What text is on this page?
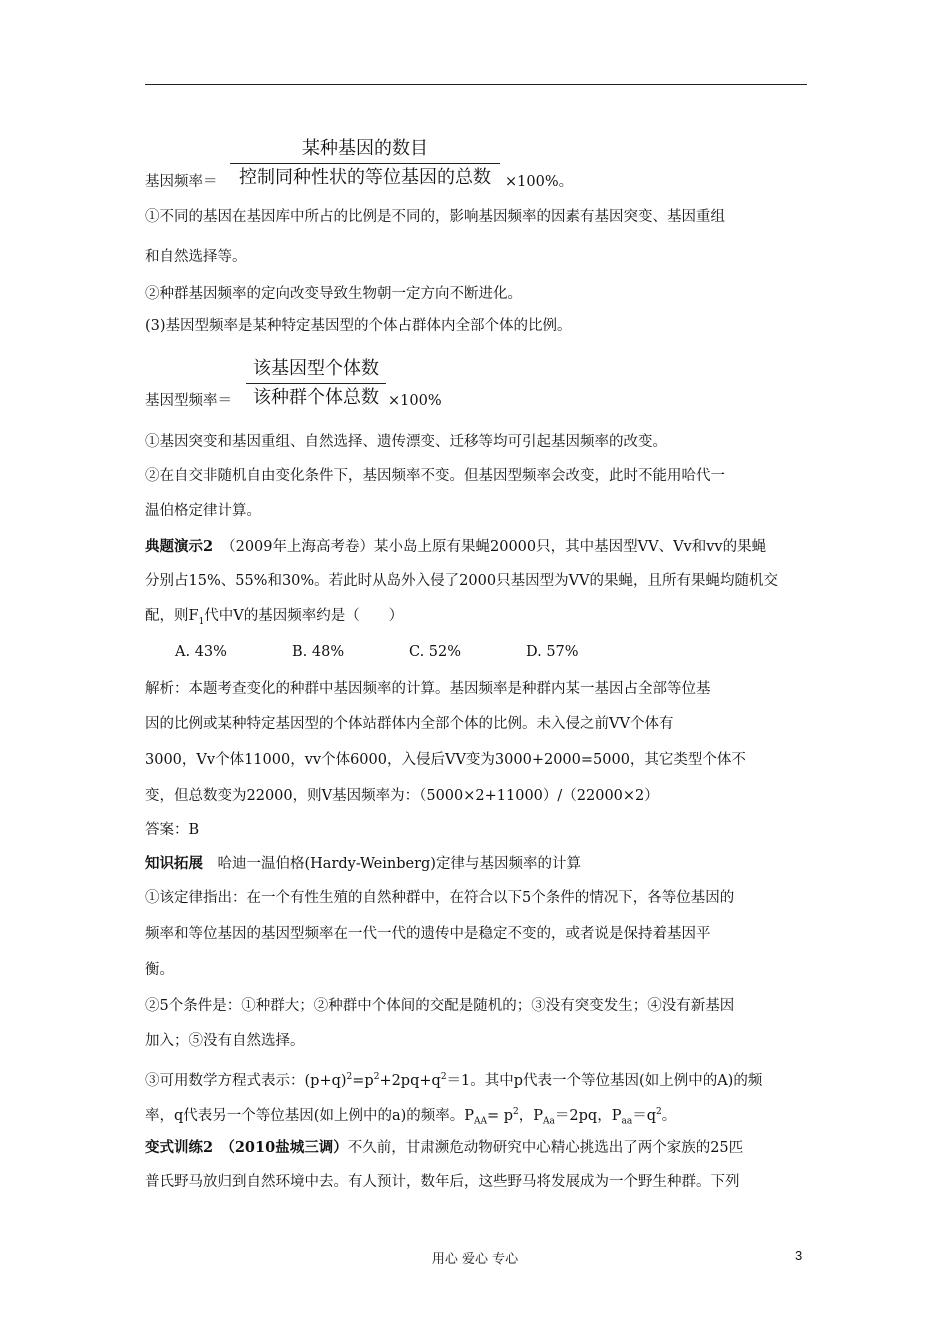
某种基因的数目
控制同种性状的等位基因的总数
基因频率＝	×100%。
①不同的基因在基因库中所占的比例是不同的，影响基因频率的因素有基因突变、基因重组
和自然选择等。
②种群基因频率的定向改变导致生物朝一定方向不断进化。
(3)基因型频率是某种特定基因型的个体占群体内全部个体的比例。
该基因型个体数
该种群个体总数
基因型频率＝	×100%
①基因突变和基因重组、自然选择、遗传漂变、迁移等均可引起基因频率的改变。
②在自交非随机自由变化条件下，基因频率不变。但基因型频率会改变，此时不能用哈代一
温伯格定律计算。
典题演示2 （2009年上海高考卷）某小岛上原有果蝇20000只，其中基因型VV、Vv和vv的果蝇
分别占15%、55%和30%。若此时从岛外入侵了2000只基因型为VV的果蝇，且所有果蝇均随机交
配，则$F_1$代中V的基因频率约是（　　）
A. 43%	B. 48%	C. 52%	D. 57%
解析：本题考查变化的种群中基因频率的计算。基因频率是种群内某一基因占全部等位基
因的比例或某种特定基因型的个体站群体内全部个体的比例。未入侵之前VV个体有
3000，Vv个体11000，vv个体6000，入侵后VV变为3000+2000=5000，其它类型个体不
变，但总数变为22000，则V基因频率为：（5000×2+11000）/（22000×2）
答案：B
知识拓展　哈迪一温伯格(Hardy-Weinberg)定律与基因频率的计算
①该定律指出：在一个有性生殖的自然种群中，在符合以下5个条件的情况下，各等位基因的
频率和等位基因的基因型频率在一代一代的遗传中是稳定不变的，或者说是保持着基因平
衡。
②5个条件是：①种群大；②种群中个体间的交配是随机的；③没有突变发生；④没有新基因
加入；⑤没有自然选择。
③可用数学方程式表示：$(p+q)^2=p^2+2pq+q^2=1$。其中p代表一个等位基因(如上例中的A)的频
率，q代表另一个等位基因(如上例中的a)的频率。$P_{AA}= p^2$，$P_{Aa}=2pq$，$P_{aa}=q^2$。
变式训练2　（2010盐城三调）不久前，甘肃濒危动物研究中心精心挑选出了两个家族的25匹
普氏野马放归到自然环境中去。有人预计，数年后，这些野马将发展成为一个野生种群。下列
用心 爱心 专心	3
